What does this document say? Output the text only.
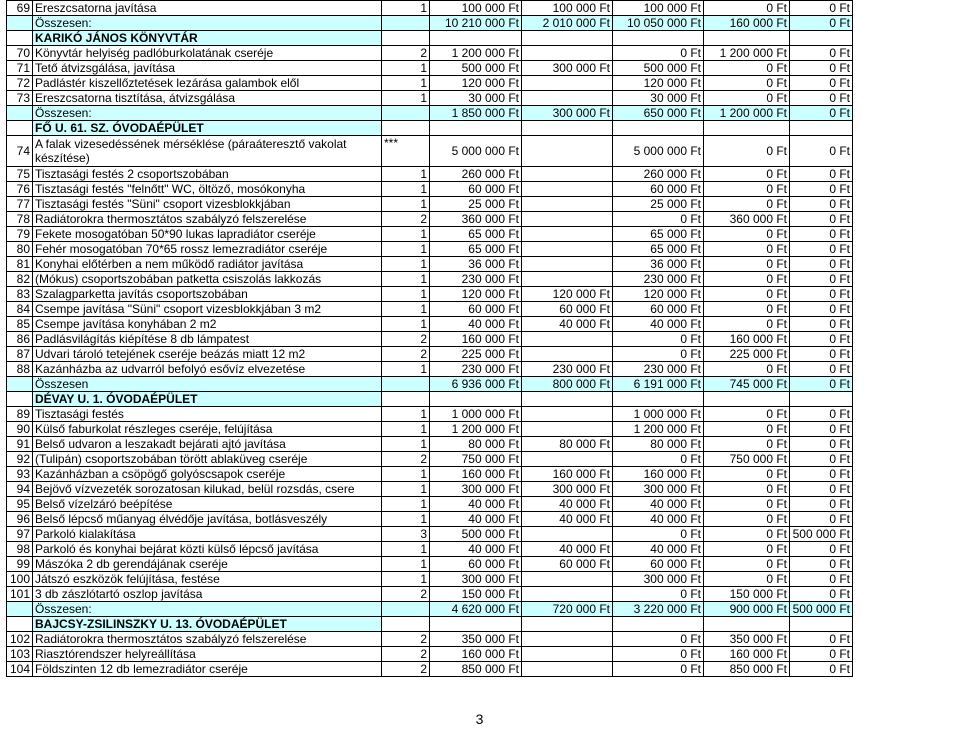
69	Ereszcsatorna javítása	1	100 000 Ft	100 000 Ft	100 000 Ft	0 Ft	0 Ft
	Összesen:		10 210 000 Ft	2 010 000 Ft	10 050 000 Ft	160 000 Ft	0 Ft
	KARIKÓ JÁNOS KÖNYVTÁR						
70	Könyvtár helyiség padlóburkolatának cseréje	2	1 200 000 Ft		0 Ft	1 200 000 Ft	0 Ft
71	Tető átvizsgálása, javítása	1	500 000 Ft	300 000 Ft	500 000 Ft	0 Ft	0 Ft
72	Padlástér kiszellőztetések lezárása galambok elől	1	120 000 Ft		120 000 Ft	0 Ft	0 Ft
73	Ereszcsatorna tisztítása, átvizsgálása	1	30 000 Ft		30 000 Ft	0 Ft	0 Ft
	Összesen:		1 850 000 Ft	300 000 Ft	650 000 Ft	1 200 000 Ft	0 Ft
	FŐ U. 61. SZ. ÓVODAÉPÜLET						
74	A falak vizesedéssének mérséklése (páraáteresztő vakolat készítése)	***	5 000 000 Ft		5 000 000 Ft	0 Ft	0 Ft
75	Tisztasági festés 2 csoportszobában	1	260 000 Ft		260 000 Ft	0 Ft	0 Ft
76	Tisztasági festés "felnőtt" WC, öltöző, mosókonyha	1	60 000 Ft		60 000 Ft	0 Ft	0 Ft
77	Tisztasági festés "Süni" csoport vizesblokkjában	1	25 000 Ft		25 000 Ft	0 Ft	0 Ft
78	Radiátorokra thermosztátos szabályzó felszerelése	2	360 000 Ft		0 Ft	360 000 Ft	0 Ft
79	Fekete mosogatóban 50*90 lukas lapradiátor cseréje	1	65 000 Ft		65 000 Ft	0 Ft	0 Ft
80	Fehér mosogatóban 70*65 rossz lemezradiátor cseréje	1	65 000 Ft		65 000 Ft	0 Ft	0 Ft
81	Konyhai előtérben a nem működő radiátor javítása	1	36 000 Ft		36 000 Ft	0 Ft	0 Ft
82	(Mókus) csoportszobában patketta csiszolás lakkozás	1	230 000 Ft		230 000 Ft	0 Ft	0 Ft
83	Szalagparketta javítás csoportszobában	1	120 000 Ft	120 000 Ft	120 000 Ft	0 Ft	0 Ft
84	Csempe javítása "Süni" csoport vizesblokkjában 3 m2	1	60 000 Ft	60 000 Ft	60 000 Ft	0 Ft	0 Ft
85	Csempe javítása konyhában 2 m2	1	40 000 Ft	40 000 Ft	40 000 Ft	0 Ft	0 Ft
86	Padlásvilágítás kiépítése 8 db lámpatest	2	160 000 Ft		0 Ft	160 000 Ft	0 Ft
87	Udvari tároló tetejének cseréje beázás miatt 12 m2	2	225 000 Ft		0 Ft	225 000 Ft	0 Ft
88	Kazánházba az udvarról befolyó esővíz elvezetése	1	230 000 Ft	230 000 Ft	230 000 Ft	0 Ft	0 Ft
	Összesen		6 936 000 Ft	800 000 Ft	6 191 000 Ft	745 000 Ft	0 Ft
	DÉVAY U. 1. ÓVODAÉPÜLET						
89	Tisztasági festés	1	1 000 000 Ft		1 000 000 Ft	0 Ft	0 Ft
90	Külső faburkolat részleges cseréje, felújítása	1	1 200 000 Ft		1 200 000 Ft	0 Ft	0 Ft
91	Belső udvaron a leszakadt bejárati ajtó javítása	1	80 000 Ft	80 000 Ft	80 000 Ft	0 Ft	0 Ft
92	(Tulipán) csoportszobában törött ablaküveg cseréje	2	750 000 Ft		0 Ft	750 000 Ft	0 Ft
93	Kazánházban a csöpögő golyóscsapok cseréje	1	160 000 Ft	160 000 Ft	160 000 Ft	0 Ft	0 Ft
94	Bejövő vízvezeték sorozatosan kilukad, belül rozsdás, csere	1	300 000 Ft	300 000 Ft	300 000 Ft	0 Ft	0 Ft
95	Belső vízelzáró beépítése	1	40 000 Ft	40 000 Ft	40 000 Ft	0 Ft	0 Ft
96	Belső lépcső műanyag élvédője javítása, botlásveszély	1	40 000 Ft	40 000 Ft	40 000 Ft	0 Ft	0 Ft
97	Parkoló kialakítása	3	500 000 Ft		0 Ft	0 Ft	500 000 Ft
98	Parkoló és konyhai bejárat közti külső lépcső javítása	1	40 000 Ft	40 000 Ft	40 000 Ft	0 Ft	0 Ft
99	Mászóka 2 db gerendájának cseréje	1	60 000 Ft	60 000 Ft	60 000 Ft	0 Ft	0 Ft
100	Játszó eszközök felújítása, festése	1	300 000 Ft		300 000 Ft	0 Ft	0 Ft
101	3 db zászlótartó oszlop javítása	2	150 000 Ft		0 Ft	150 000 Ft	0 Ft
	Összesen:		4 620 000 Ft	720 000 Ft	3 220 000 Ft	900 000 Ft	500 000 Ft
	BAJCSY-ZSILINSZKY U. 13. ÓVODAÉPÜLET						
102	Radiátorokra thermosztátos szabályzó felszerelése	2	350 000 Ft		0 Ft	350 000 Ft	0 Ft
103	Riasztórendszer helyreállítása	2	160 000 Ft		0 Ft	160 000 Ft	0 Ft
104	Földszinten 12 db lemezradiátor cseréje	2	850 000 Ft		0 Ft	850 000 Ft	0 Ft
3
